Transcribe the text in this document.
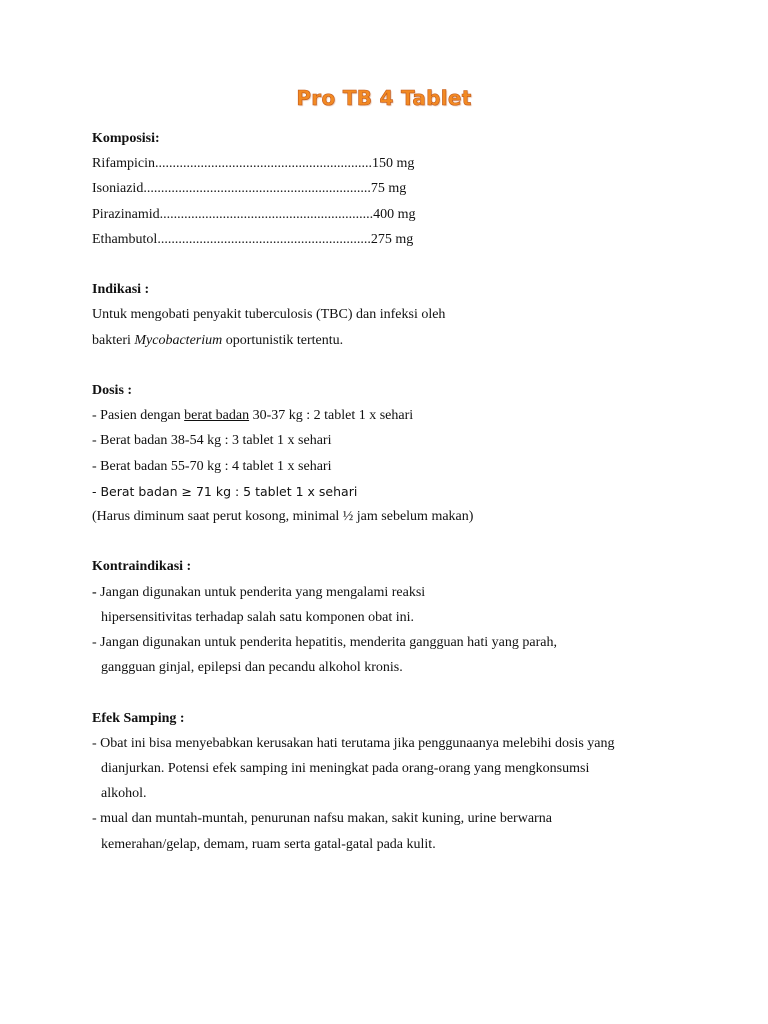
Pro TB 4 Tablet
Komposisi:
Rifampicin..............................................................150 mg
Isoniazid.................................................................75 mg
Pirazinamid.............................................................400 mg
Ethambutol.............................................................275 mg
Indikasi :
Untuk mengobati penyakit tuberculosis (TBC) dan infeksi oleh
bakteri Mycobacterium oportunistik tertentu.
Dosis :
- Pasien dengan berat badan 30-37 kg : 2 tablet 1 x sehari
- Berat badan 38-54 kg : 3 tablet 1 x sehari
- Berat badan 55-70 kg : 4 tablet 1 x sehari
- Berat badan ≥ 71 kg : 5 tablet 1 x sehari
(Harus diminum saat perut kosong, minimal ½ jam sebelum makan)
Kontraindikasi :
- Jangan digunakan untuk penderita yang mengalami reaksi
hipersensitivitas terhadap salah satu komponen obat ini.
- Jangan digunakan untuk penderita hepatitis, menderita gangguan hati yang parah,
gangguan ginjal, epilepsi dan pecandu alkohol kronis.
Efek Samping :
- Obat ini bisa menyebabkan kerusakan hati terutama jika penggunaanya melebihi dosis yang
dianjurkan. Potensi efek samping ini meningkat pada orang-orang yang mengkonsumsi
alkohol.
- mual dan muntah-muntah, penurunan nafsu makan, sakit kuning, urine berwarna
kemerahan/gelap, demam, ruam serta gatal-gatal pada kulit.
